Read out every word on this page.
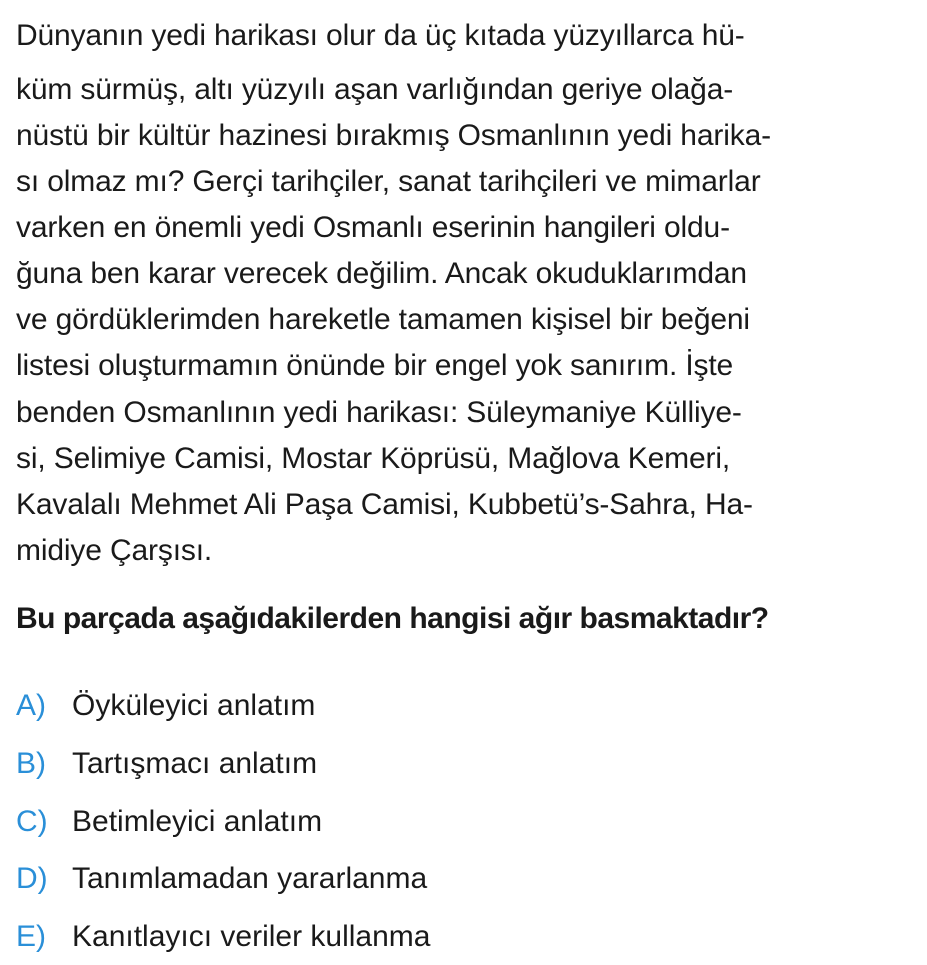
Dünyanın yedi harikası olur da üç kıtada yüzyıllarca hü-
küm sürmüş, altı yüzyılı aşan varlığından geriye olağa-
nüstü bir kültür hazinesi bırakmış Osmanlının yedi harika-
sı olmaz mı? Gerçi tarihçiler, sanat tarihçileri ve mimarlar
varken en önemli yedi Osmanlı eserinin hangileri oldu-
ğuna ben karar verecek değilim. Ancak okuduklarımdan
ve gördüklerimden hareketle tamamen kişisel bir beğeni
listesi oluşturmamın önünde bir engel yok sanırım. İşte
benden Osmanlının yedi harikası: Süleymaniye Külliye-
si, Selimiye Camisi, Mostar Köprüsü, Mağlova Kemeri,
Kavalalı Mehmet Ali Paşa Camisi, Kubbetü’s-Sahra, Ha-
midiye Çarşısı.
Bu parçada aşağıdakilerden hangisi ağır basmaktadır?
A) Öyküleyici anlatım
B) Tartışmacı anlatım
C) Betimleyici anlatım
D) Tanımlamadan yararlanma
E) Kanıtlayıcı veriler kullanma
